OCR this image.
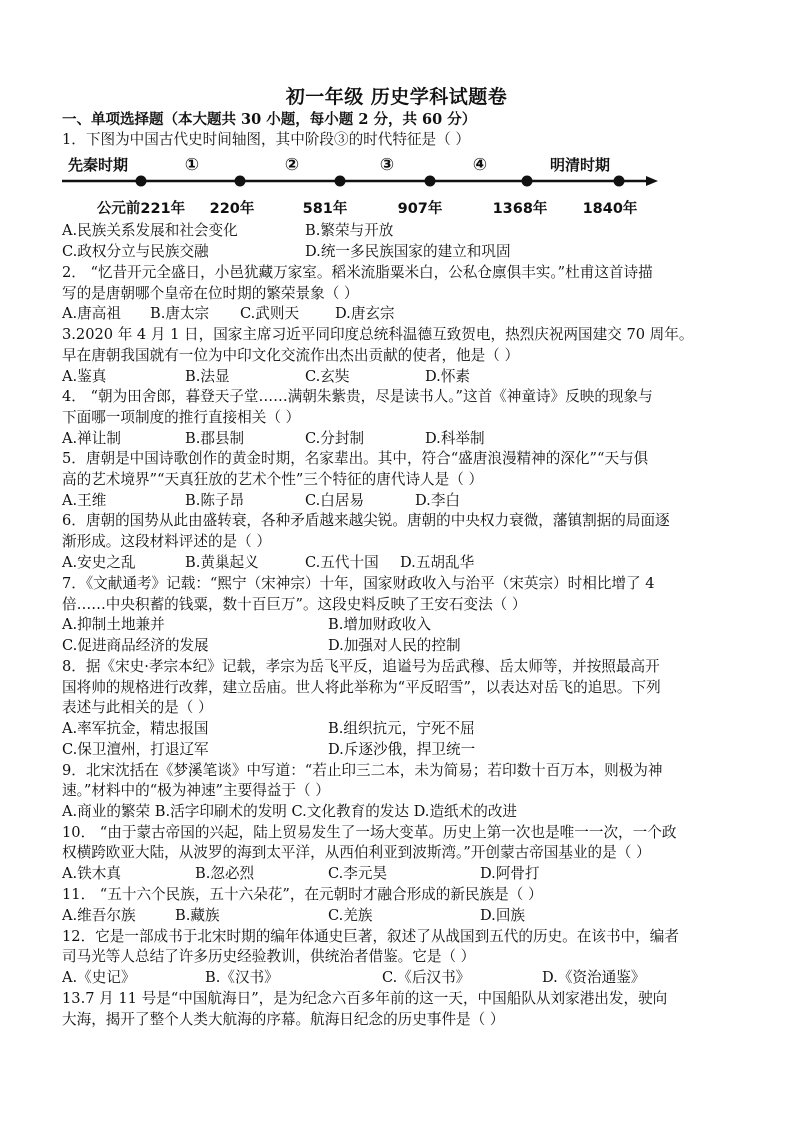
初一年级 历史学科试题卷
一、单项选择题（本大题共 30 小题，每小题 2 分，共 60 分）
1．下图为中国古代史时间轴图，其中阶段③的时代特征是（ ）
先秦时期	①	②	③	④	明清时期
公元前221年 220年	581年	907年	1368年 1840年
A.民族关系发展和社会变化	B.繁荣与开放
C.政权分立与民族交融	D.统一多民族国家的建立和巩固
2． “忆昔开元全盛日，小邑犹藏万家室。稻米流脂粟米白，公私仓廪俱丰实。”杜甫这首诗描
写的是唐朝哪个皇帝在位时期的繁荣景象（ ）
A.唐高祖 B.唐太宗 C.武则天 D.唐玄宗
3.2020 年 4 月 1 日，国家主席习近平同印度总统科温德互致贺电，热烈庆祝两国建交 70 周年。
早在唐朝我国就有一位为中印文化交流作出杰出贡献的使者，他是（ ）
A.鉴真	B.法显	C.玄奘	D.怀素
4． “朝为田舍郎，暮登天子堂……满朝朱紫贵，尽是读书人。”这首《神童诗》反映的现象与
下面哪一项制度的推行直接相关（ ）
A.禅让制	B.郡县制	C.分封制	D.科举制
5．唐朝是中国诗歌创作的黄金时期，名家辈出。其中，符合“盛唐浪漫精神的深化”“天与俱
高的艺术境界”“天真狂放的艺术个性”三个特征的唐代诗人是（ ）
A.王维	B.陈子昂	C.白居易	D.李白
6．唐朝的国势从此由盛转衰，各种矛盾越来越尖锐。唐朝的中央权力衰微，藩镇割据的局面逐
渐形成。这段材料评述的是（ ）
A.安史之乱	B.黄巢起义	C.五代十国 D.五胡乱华
7．《文献通考》记载：“熙宁（宋神宗）十年，国家财政收入与治平（宋英宗）时相比增了 4
倍……中央积蓄的钱粟，数十百巨万”。这段史料反映了王安石变法（ ）
A.抑制土地兼并	B.增加财政收入
C.促进商品经济的发展	D.加强对人民的控制
8．据《宋史·孝宗本纪》记载，孝宗为岳飞平反，追谥号为岳武穆、岳太师等，并按照最高开
国将帅的规格进行改葬，建立岳庙。世人将此举称为“平反昭雪”，以表达对岳飞的追思。下列
表述与此相关的是（ ）
A.率军抗金，精忠报国	B.组织抗元，宁死不屈
C.保卫澶州，打退辽军	D.斥逐沙俄，捍卫统一
9．北宋沈括在《梦溪笔谈》中写道：“若止印三二本，未为简易；若印数十百万本，则极为神
速。”材料中的“极为神速”主要得益于（ ）
A.商业的繁荣 B.活字印刷术的发明 C.文化教育的发达 D.造纸术的改进
10． “由于蒙古帝国的兴起，陆上贸易发生了一场大变革。历史上第一次也是唯一一次，一个政
权横跨欧亚大陆，从波罗的海到太平洋，从西伯利亚到波斯湾。”开创蒙古帝国基业的是（ ）
A.铁木真	B.忽必烈	C.李元昊	D.阿骨打
11． “五十六个民族，五十六朵花”，在元朝时才融合形成的新民族是（ ）
A.维吾尔族	B.藏族	C.羌族	D.回族
12．它是一部成书于北宋时期的编年体通史巨著，叙述了从战国到五代的历史。在该书中，编者
司马光等人总结了许多历史经验教训，供统治者借鉴。它是（ ）
A.《史记》	B.《汉书》	C.《后汉书》	D.《资治通鉴》
13.7 月 11 号是“中国航海日”，是为纪念六百多年前的这一天，中国船队从刘家港出发，驶向
大海，揭开了整个人类大航海的序幕。航海日纪念的历史事件是（ ）
